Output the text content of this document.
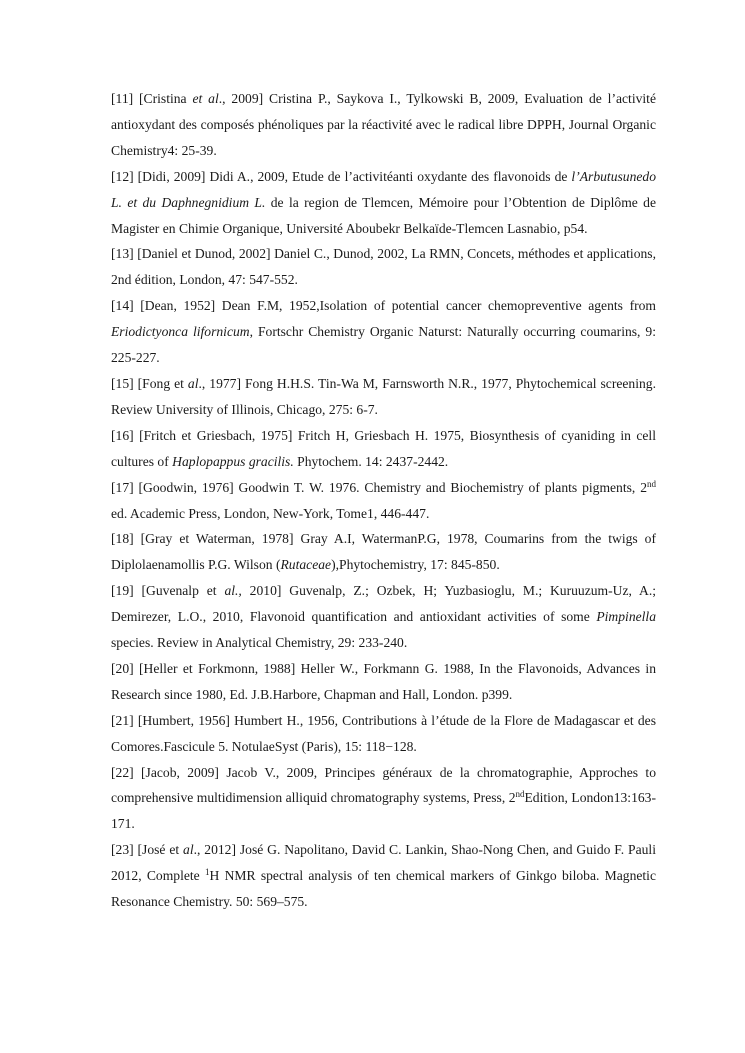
[11] [Cristina et al., 2009] Cristina P., Saykova I., Tylkowski B, 2009, Evaluation de l’activité antioxydant des composés phénoliques par la réactivité avec le radical libre DPPH, Journal Organic Chemistry4: 25-39.

[12] [Didi, 2009] Didi A., 2009, Etude de l’activitéanti oxydante des flavonoids de l’Arbutusunedo L. et du Daphnegnidium L. de la region de Tlemcen, Mémoire pour l’Obtention de Diplôme de Magister en Chimie Organique, Université Aboubekr Belkaïde-Tlemcen Lasnabio, p54.

[13] [Daniel et Dunod, 2002] Daniel C., Dunod, 2002, La RMN, Concets, méthodes et applications, 2nd édition, London, 47: 547-552.

[14] [Dean, 1952] Dean F.M, 1952,Isolation of potential cancer chemopreventive agents from Eriodictyonca lifornicum, Fortschr Chemistry Organic Naturst: Naturally occurring coumarins, 9: 225-227.

[15] [Fong et al., 1977] Fong H.H.S. Tin-Wa M, Farnsworth N.R., 1977, Phytochemical screening. Review University of Illinois, Chicago, 275: 6-7.

[16] [Fritch et Griesbach, 1975] Fritch H, Griesbach H. 1975, Biosynthesis of cyaniding in cell cultures of Haplopappus gracilis. Phytochem. 14: 2437-2442.

[17] [Goodwin, 1976] Goodwin T. W. 1976. Chemistry and Biochemistry of plants pigments, 2nd ed. Academic Press, London, New-York, Tome1, 446-447.

[18] [Gray et Waterman, 1978] Gray A.I, WatermanP.G, 1978, Coumarins from the twigs of Diplolaenamollis P.G. Wilson (Rutaceae),Phytochemistry, 17: 845-850.

[19] [Guvenalp et al., 2010] Guvenalp, Z.; Ozbek, H; Yuzbasioglu, M.; Kuruuzum-Uz, A.; Demirezer, L.O., 2010, Flavonoid quantification and antioxidant activities of some Pimpinella species. Review in Analytical Chemistry, 29: 233-240.

[20] [Heller et Forkmonn, 1988] Heller W., Forkmann G. 1988, In the Flavonoids, Advances in Research since 1980, Ed. J.B.Harbore, Chapman and Hall, London. p399.

[21] [Humbert, 1956] Humbert H., 1956, Contributions à l’étude de la Flore de Madagascar et des Comores.Fascicule 5. NotulaeSyst (Paris), 15: 118−128.

[22] [Jacob, 2009] Jacob V., 2009, Principes généraux de la chromatographie, Approches to comprehensive multidimension alliquid chromatography systems, Press, 2ndEdition, London13:163-171.

[23] [José et al., 2012] José G. Napolitano, David C. Lankin, Shao-Nong Chen, and Guido F. Pauli 2012, Complete $^1$H NMR spectral analysis of ten chemical markers of Ginkgo biloba. Magnetic Resonance Chemistry. 50: 569–575.
